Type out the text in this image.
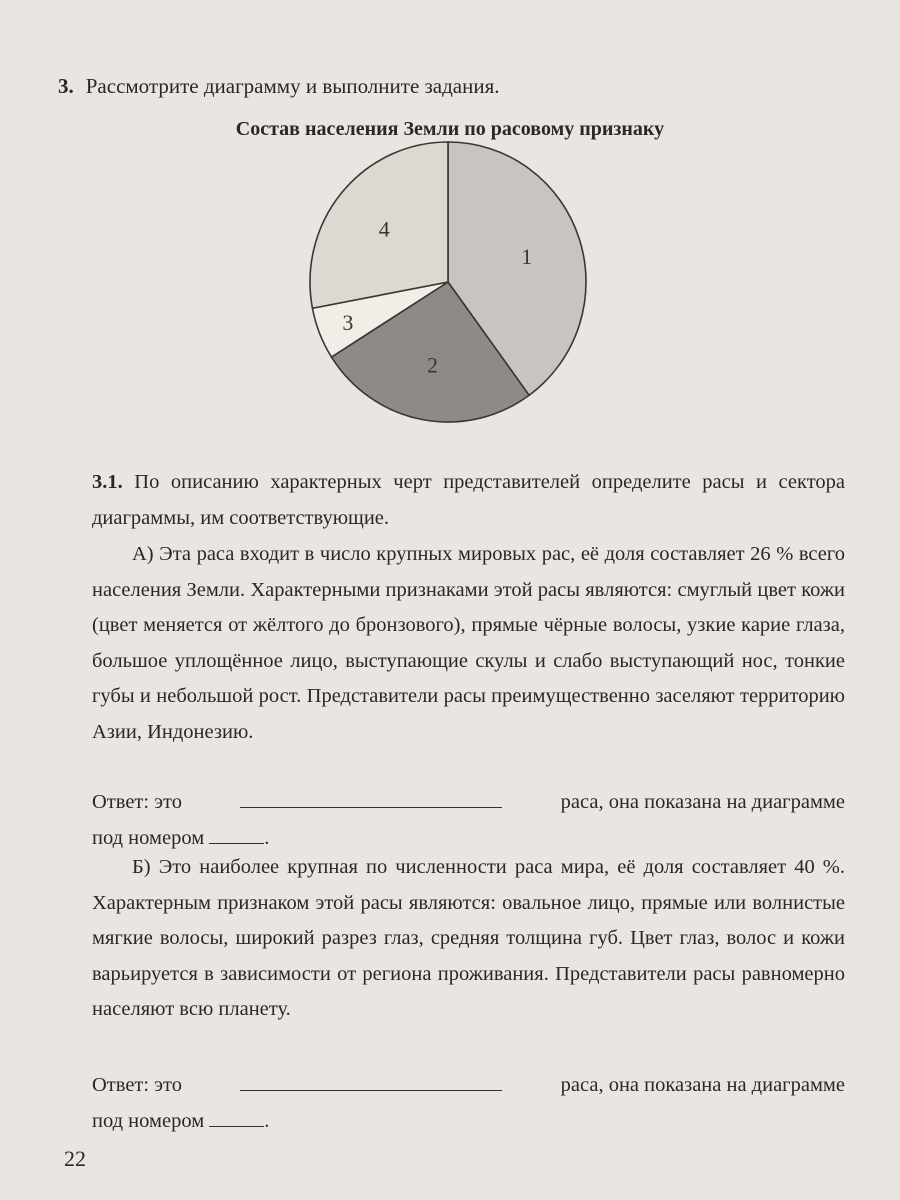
3. Рассмотрите диаграмму и выполните задания.
Состав населения Земли по расовому признаку
1
2
3
4
3.1. По описанию характерных черт представителей определите расы и сектора диаграммы, им соответствующие.
А) Эта раса входит в число крупных мировых рас, её доля составляет 26 % всего населения Земли. Характерными признаками этой расы являются: смуглый цвет кожи (цвет меняется от жёлтого до бронзового), прямые чёрные волосы, узкие карие глаза, большое уплощённое лицо, выступающие скулы и слабо выступающий нос, тонкие губы и небольшой рост. Представители расы преимущественно заселяют территорию Азии, Индонезию.
Ответ: это	раса, она показана на диаграмме
под номером	.
Б) Это наиболее крупная по численности раса мира, её доля составляет 40 %. Характерным признаком этой расы являются: овальное лицо, прямые или волнистые мягкие волосы, широкий разрез глаз, средняя толщина губ. Цвет глаз, волос и кожи варьируется в зависимости от региона проживания. Представители расы равномерно населяют всю планету.
Ответ: это	раса, она показана на диаграмме
под номером	.
22
